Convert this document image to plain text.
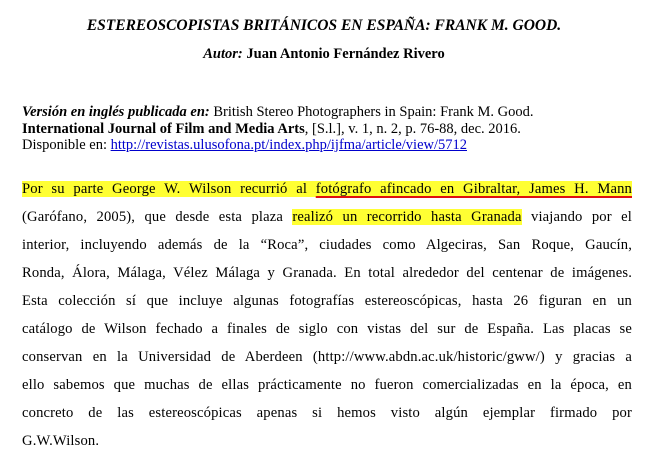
ESTEREOSCOPISTAS BRITÁNICOS EN ESPAÑA: FRANK M. GOOD.
Autor: Juan Antonio Fernández Rivero
Versión en inglés publicada en: British Stereo Photographers in Spain: Frank M. Good.
International Journal of Film and Media Arts, [S.l.], v. 1, n. 2, p. 76-88, dec. 2016.
Disponible en: http://revistas.ulusofona.pt/index.php/ijfma/article/view/5712
Por su parte George W. Wilson recurrió al fotógrafo afincado en Gibraltar, James H. Mann
(Garófano, 2005), que desde esta plaza realizó un recorrido hasta Granada viajando por el
interior, incluyendo además de la “Roca”, ciudades como Algeciras, San Roque, Gaucín,
Ronda, Álora, Málaga, Vélez Málaga y Granada. En total alrededor del centenar de imágenes.
Esta colección sí que incluye algunas fotografías estereoscópicas, hasta 26 figuran en un
catálogo de Wilson fechado a finales de siglo con vistas del sur de España. Las placas se
conservan en la Universidad de Aberdeen (http://www.abdn.ac.uk/historic/gww/) y gracias a
ello sabemos que muchas de ellas prácticamente no fueron comercializadas en la época, en
concreto de las estereoscópicas apenas si hemos visto algún ejemplar firmado por
G.W.Wilson.
